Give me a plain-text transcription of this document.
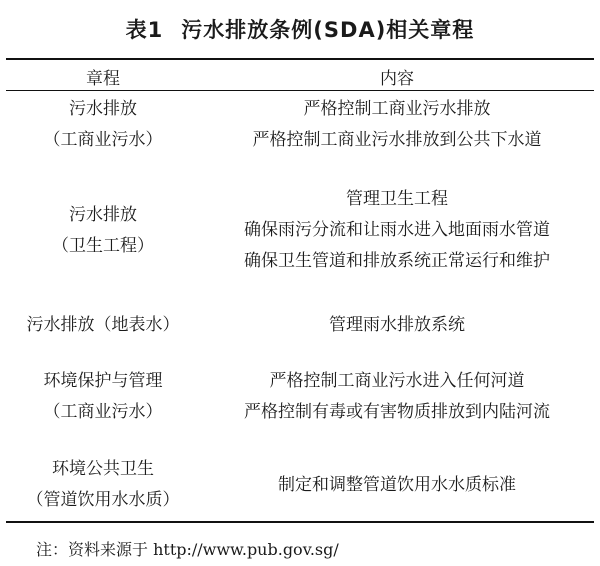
表1 污水排放条例(SDA)相关章程
章程	内容
污水排放
（工商业污水）
严格控制工商业污水排放
严格控制工商业污水排放到公共下水道
污水排放
（卫生工程）
管理卫生工程
确保雨污分流和让雨水进入地面雨水管道
确保卫生管道和排放系统正常运行和维护
污水排放（地表水）	管理雨水排放系统
环境保护与管理
（工商业污水）
严格控制工商业污水进入任何河道
严格控制有毒或有害物质排放到内陆河流
环境公共卫生
（管道饮用水水质）
制定和调整管道饮用水水质标准
注：资料来源于 http://www.pub.gov.sg/
